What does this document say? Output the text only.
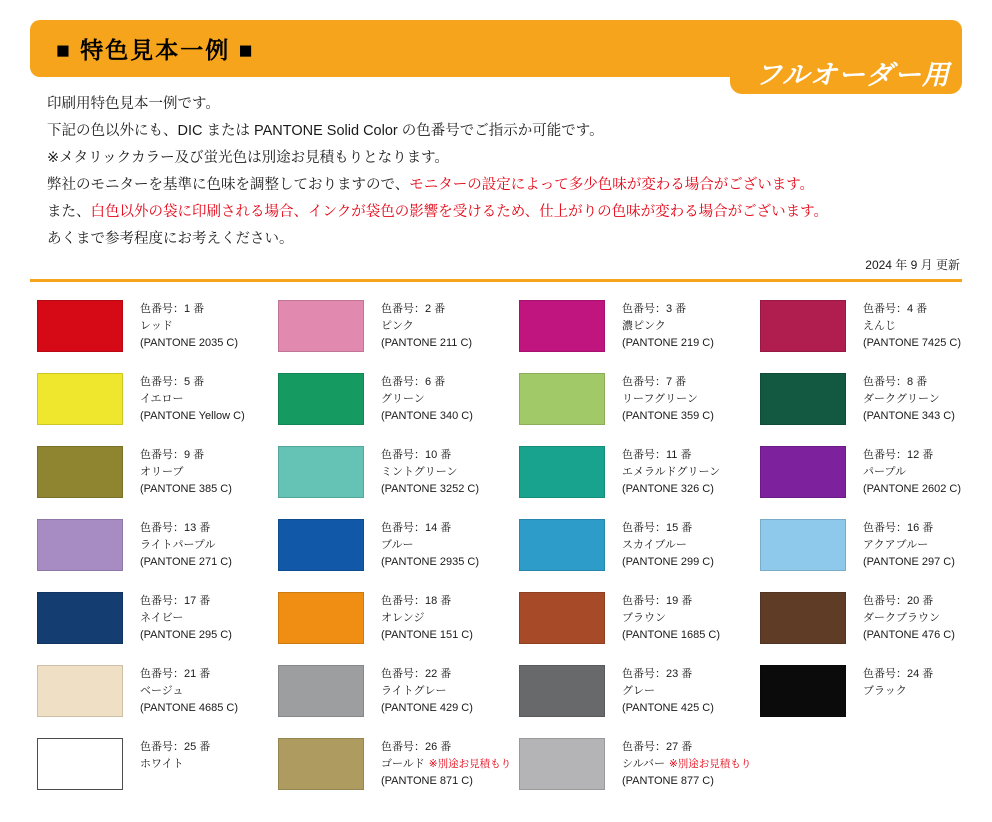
■ 特色見本一例 ■
フルオーダー用
印刷用特色見本一例です。
下記の色以外にも、DIC または PANTONE Solid Color の色番号でご指示か可能です。
※メタリックカラー及び蛍光色は別途お見積もりとなります。
弊社のモニターを基準に色味を調整しておりますので、モニターの設定によって多少色味が変わる場合がございます。
また、白色以外の袋に印刷される場合、インクが袋色の影響を受けるため、仕上がりの色味が変わる場合がございます。
あくまで参考程度にお考えください。
2024 年 9 月 更新
色番号：1 番
レッド
(PANTONE 2035 C)
色番号：2 番
ピンク
(PANTONE 211 C)
色番号：3 番
濃ピンク
(PANTONE 219 C)
色番号：4 番
えんじ
(PANTONE 7425 C)
色番号：5 番
イエロー
(PANTONE Yellow C)
色番号：6 番
グリーン
(PANTONE 340 C)
色番号：7 番
リーフグリーン
(PANTONE 359 C)
色番号：8 番
ダークグリーン
(PANTONE 343 C)
色番号：9 番
オリーブ
(PANTONE 385 C)
色番号：10 番
ミントグリーン
(PANTONE 3252 C)
色番号：11 番
エメラルドグリーン
(PANTONE 326 C)
色番号：12 番
パープル
(PANTONE 2602 C)
色番号：13 番
ライトパープル
(PANTONE 271 C)
色番号：14 番
ブルー
(PANTONE 2935 C)
色番号：15 番
スカイブルー
(PANTONE 299 C)
色番号：16 番
アクアブルー
(PANTONE 297 C)
色番号：17 番
ネイビー
(PANTONE 295 C)
色番号：18 番
オレンジ
(PANTONE 151 C)
色番号：19 番
ブラウン
(PANTONE 1685 C)
色番号：20 番
ダークブラウン
(PANTONE 476 C)
色番号：21 番
ベージュ
(PANTONE 4685 C)
色番号：22 番
ライトグレー
(PANTONE 429 C)
色番号：23 番
グレー
(PANTONE 425 C)
色番号：24 番
ブラック
色番号：25 番
ホワイト
色番号：26 番
ゴールド ※別途お見積もり
(PANTONE 871 C)
色番号：27 番
シルバー ※別途お見積もり
(PANTONE 877 C)
